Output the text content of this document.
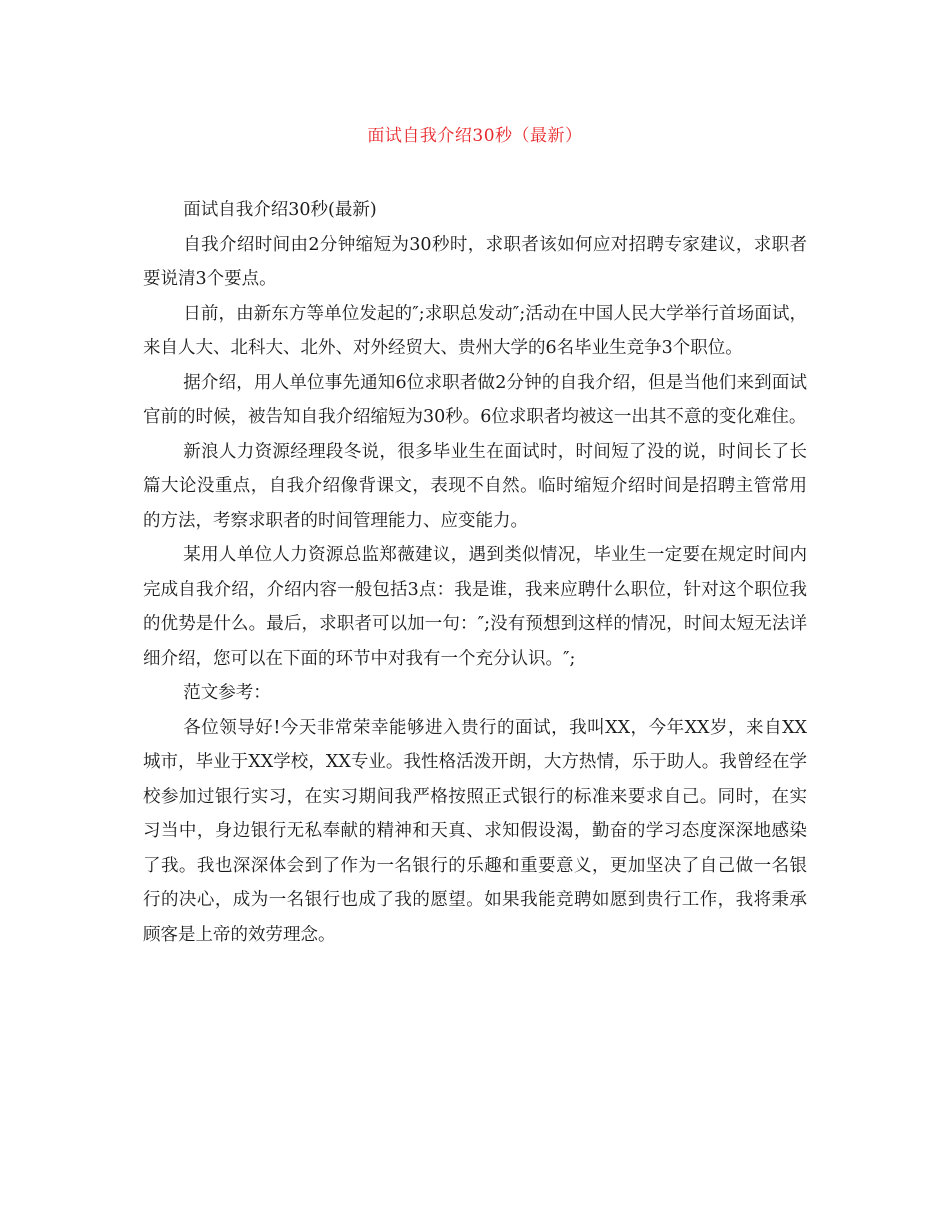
面试自我介绍30秒（最新）

面试自我介绍30秒(最新)

自我介绍时间由2分钟缩短为30秒时，求职者该如何应对招聘专家建议，求职者要说清3个要点。

日前，由新东方等单位发起的″;求职总发动″;活动在中国人民大学举行首场面试，来自人大、北科大、北外、对外经贸大、贵州大学的6名毕业生竞争3个职位。

据介绍，用人单位事先通知6位求职者做2分钟的自我介绍，但是当他们来到面试官前的时候，被告知自我介绍缩短为30秒。6位求职者均被这一出其不意的变化难住。

新浪人力资源经理段冬说，很多毕业生在面试时，时间短了没的说，时间长了长篇大论没重点，自我介绍像背课文，表现不自然。临时缩短介绍时间是招聘主管常用的方法，考察求职者的时间管理能力、应变能力。

某用人单位人力资源总监郑薇建议，遇到类似情况，毕业生一定要在规定时间内完成自我介绍，介绍内容一般包括3点：我是谁，我来应聘什么职位，针对这个职位我的优势是什么。最后，求职者可以加一句：″;没有预想到这样的情况，时间太短无法详细介绍，您可以在下面的环节中对我有一个充分认识。″;

范文参考：

各位领导好!今天非常荣幸能够进入贵行的面试，我叫XX，今年XX岁，来自XX城市，毕业于XX学校，XX专业。我性格活泼开朗，大方热情，乐于助人。我曾经在学校参加过银行实习，在实习期间我严格按照正式银行的标准来要求自己。同时，在实习当中，身边银行无私奉献的精神和天真、求知假设渴，勤奋的学习态度深深地感染了我。我也深深体会到了作为一名银行的乐趣和重要意义，更加坚决了自己做一名银行的决心，成为一名银行也成了我的愿望。如果我能竞聘如愿到贵行工作，我将秉承顾客是上帝的效劳理念。
